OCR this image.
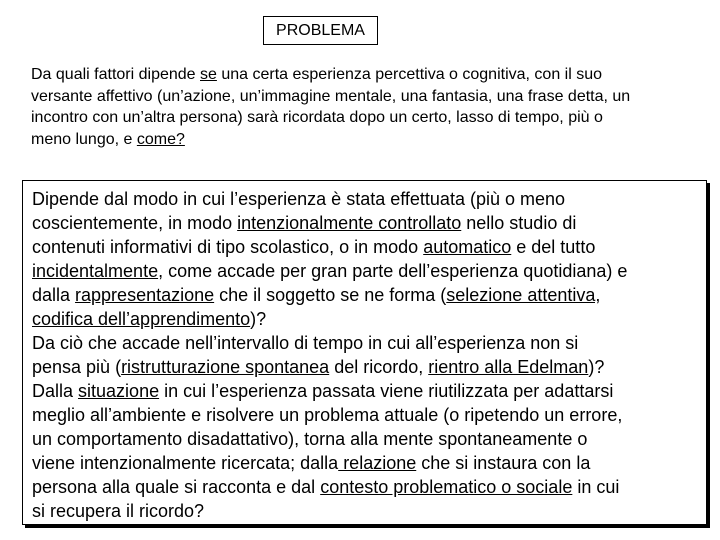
PROBLEMA
Da quali fattori dipende se una certa esperienza percettiva o cognitiva, con il suo
versante affettivo (un’azione, un’immagine mentale, una fantasia, una frase detta, un
incontro con un’altra persona) sarà ricordata dopo un certo, lasso di tempo, più o
meno lungo, e come?
Dipende dal modo in cui l’esperienza è stata effettuata (più o meno
coscientemente, in modo intenzionalmente controllato nello studio di
contenuti informativi di tipo scolastico, o in modo automatico e del tutto
incidentalmente, come accade per gran parte dell’esperienza quotidiana) e
dalla rappresentazione che il soggetto se ne forma (selezione attentiva,
codifica dell’apprendimento)?
Da ciò che accade nell’intervallo di tempo in cui all’esperienza non si
pensa più (ristrutturazione spontanea del ricordo, rientro alla Edelman)?
Dalla situazione in cui l’esperienza passata viene riutilizzata per adattarsi
meglio all’ambiente e risolvere un problema attuale (o ripetendo un errore,
un comportamento disadattativo), torna alla mente spontaneamente o
viene intenzionalmente ricercata; dalla relazione che si instaura con la
persona alla quale si racconta e dal contesto problematico o sociale in cui
si recupera il ricordo?
